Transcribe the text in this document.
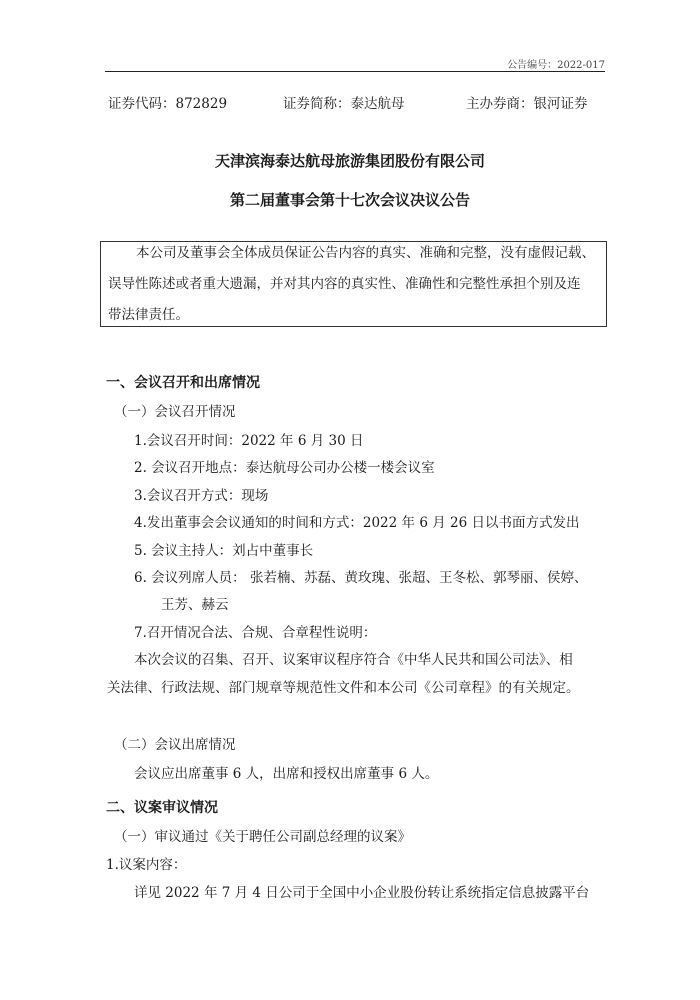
公告编号：2022-017
证券代码：872829	证券简称：泰达航母	主办券商：银河证券
天津滨海泰达航母旅游集团股份有限公司
第二届董事会第十七次会议决议公告
本公司及董事会全体成员保证公告内容的真实、准确和完整，没有虚假记载、
误导性陈述或者重大遗漏，并对其内容的真实性、准确性和完整性承担个别及连
带法律责任。
一、会议召开和出席情况
（一）会议召开情况
1.会议召开时间：2022 年 6 月 30 日
2. 会议召开地点：泰达航母公司办公楼一楼会议室
3.会议召开方式：现场
4.发出董事会会议通知的时间和方式：2022 年 6 月 26 日以书面方式发出
5. 会议主持人：刘占中董事长
6. 会议列席人员： 张若楠、苏磊、黄玫瑰、张超、王冬松、郭琴丽、侯婷、
王芳、赫云
7.召开情况合法、合规、合章程性说明：
本次会议的召集、召开、议案审议程序符合《中华人民共和国公司法》、相
关法律、行政法规、部门规章等规范性文件和本公司《公司章程》的有关规定。
（二）会议出席情况
会议应出席董事 6 人，出席和授权出席董事 6 人。
二、议案审议情况
（一）审议通过《关于聘任公司副总经理的议案》
1.议案内容：
详见 2022 年 7 月 4 日公司于全国中小企业股份转让系统指定信息披露平台
